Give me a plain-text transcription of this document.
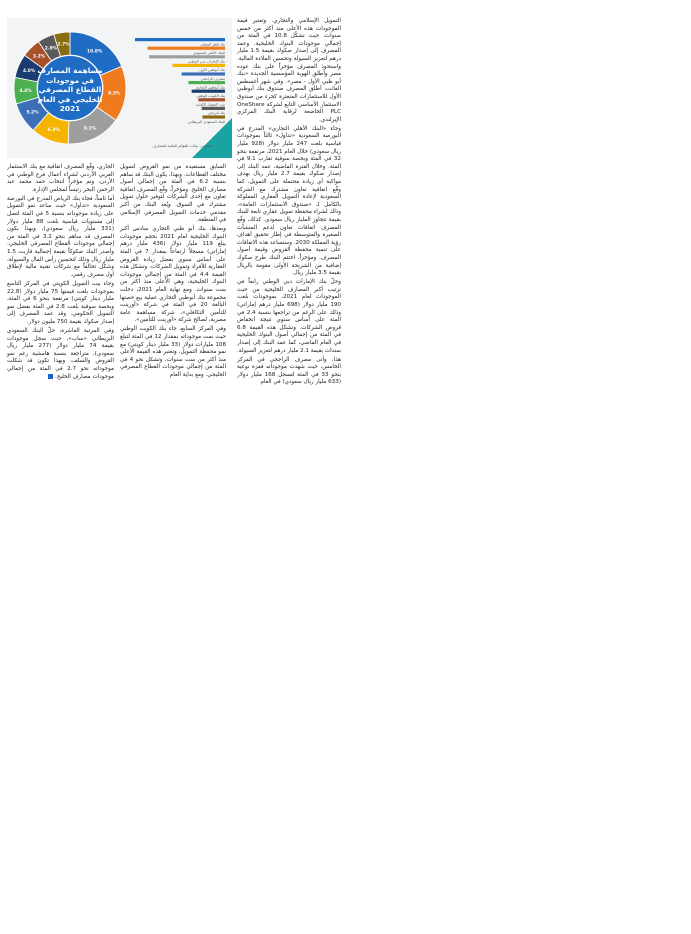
10.8%
9.3%
9.1%
6.3%
5.2%
4.4%
4.0%
3.2%
2.8%
2.7%	بنك قطر الوطني
البنك الأهلي السعودي
بنك الإمارات دبي الوطني
بنك أبوظبي الأول
مصرف الراجحي
بنك أبوظبي التجاري
بنك الكويت الوطني
بيت التمويل الكويتي
بنك الرياض
البنك السعودي البريطاني
المصدر: بيانات القوائم المالية للمصارف
مساهمة المصارف في موجودات القطاع المصرفي الخليجي في العام 2021

التمويل الإسلامي والتجاري. وتعتبر قيمة الموجودات هذه الأعلى منذ أكثر من خمس سنوات، حيث تشكّل 10.8 في المئة من إجمالي موجودات البنوك الخليجية. وعمد المصرف إلى إصدار صكوك بقيمة 1.5 مليار درهم لتعزيز السيولة وتحسين الملاءة المالية. واستحوذ المصرف مؤخراً على بنك عوده مصر وأطلق الهوية المؤسسية الجديدة «بنك أبو ظبي الأول - مصر». وفي شهر أغسطس الفائت، أطلق المصرف صندوق بنك أبوظبي الأول للاستثمارات المتعثرة كجزء من صندوق الاستثمار الأساسي التابع لشركة OneShare PLC الخاضعة لرقابة البنك المركزي الإيرلندي.

وجاء «البنك الأهلي التجاري» المدرج في البورصة السعودية «تداول» ثالثاً بموجودات قياسية بلغت 247 مليار دولار (928 مليار ريال سعودي) خلال العام 2021، مرتفعة بنحو 32 في المئة وبحصة سوقية تقارب 9.1 في المئة. وخلال الفترة الماضية، عمد البنك إلى إصدار صكوك بقيمة 2.7 مليار ريال بهدف مواكبة أي زيادة محتملة على التمويل، كما وقّع اتفاقية تعاون مشترك مع الشركة السعودية لإعادة التمويل العقاري المملوكة بالكامل لـ «صندوق الاستثمارات العامة»، وذلك لشراء محفظة تمويل عقاري تابعة للبنك بقيمة تتجاوز المليار ريال سعودي. كذلك، وقّع المصرف اتفاقات تعاون لدعم المنشآت الصغيرة والمتوسطة في إطار تحقيق أهداف رؤية المملكة 2030. وستساعد هذه الاتفاقات على تنمية محفظة القروض وقيمة أصول المصرف. ومؤخراً، اختتم البنك طرح صكوك إضافية من الشريحة الأولى مقومة بالريال بقيمة 3.5 مليار ريال.

وحلّ بنك الإمارات دبي الوطني رابعاً في ترتيب أكبر المصارف الخليجية من حيث الموجودات لعام 2021، بموجودات بلغت 190 مليار دولار (698 مليار درهم إماراتي) وذلك على الرغم من تراجعها بنسبة 2.4 في المئة على أساس سنوي نتيجة انخفاض قروض الشركات. وتشكل هذه القيمة 6.8 في المئة من إجمالي أصول البنوك الخليجية في العام الماضي، كما عمد البنك إلى إصدار سندات بقيمة 2.1 مليار درهم لتعزيز السيولة.

هذا، وأتى مصرف الراجحي في المركز الخامس، حيث شهدت موجوداته قفزة نوعية بنحو 33 في المئة لتسجل 168 مليار دولار (633 مليار ريال سعودي) في العام

السابق مستفيدة من نمو القروض لتمويل مختلف القطاعات. وبهذا، يكون البنك قد ساهم بنسبة 6.2 في المئة من إجمالي أصول مصارف الخليج. ومؤخراً، وقّع المصرف اتفاقية تعاون مع إحدى الشركات لتوفير حلول تمويل مشترك في السوق. ويُعد البنك من أكبر مقدمي خدمات التمويل المصرفي الإسلامي في المنطقة.

وبعدها، بنك أبو ظبي التجاري سادس أكبر البنوك الخليجية لعام 2021 بحجم موجودات يبلغ 119 مليار دولار (436 مليار درهم إماراتي) مسجلاً ارتفاعاً بمقدار 7 في المئة على أساس سنوي بفضل زيادة القروض العقارية للأفراد وتمويل الشركات. وتشكل هذه القيمة 4.4 في المئة من إجمالي موجودات البنوك الخليجية، وهي الأعلى منذ أكثر من ست سنوات. ومع نهاية العام 2021، دخلت مجموعة بنك أبوظبي التجاري عملية بيع حصتها البالغة 20 في المئة في شركة «أورينت للتأمين التكافلي»، شركة مساهمة عامة مصرية، لصالح شركة «أورينت للتأمين».

وفي المركز السابع، جاء بنك الكويت الوطني حيث نمت موجوداته بمقدار 12 في المئة لتبلغ 108 مليارات دولار (33 مليار دينار كويتي) مع نمو محفظة التمويل، وتعتبر هذه القيمة الأعلى منذ أكثر من ست سنوات، وتشكل نحو 4 في المئة من إجمالي موجودات القطاع المصرفي الخليجي. ومع بداية العام

الجاري، وقّع المصرف اتفاقية مع بنك الاستثمار العربي الأردني لشراء أعمال فرع الوطني في الأردن، وتم مؤخراً انتخاب حمد محمد عبد الرحمن البحر رئيساً لمجلس الإدارة.

أما ثامناً، فجاء بنك الرياض المدرج في البورصة السعودية «تداول» حيث ساعد نمو التمويل على زيادة موجوداته بنسبة 5 في المئة لتصل إلى مستويات قياسية بلغت 88 مليار دولار (331 مليار ريال سعودي)، وبهذا يكون المصرف قد ساهم بنحو 3.2 في المئة من إجمالي موجودات القطاع المصرفي الخليجي. وأصدر البنك صكوكاً بقيمة إجمالية قاربت 1.5 مليار ريال وذلك لتحسين رأس المال والسيولة، وشكّل تحالفاً مع شركات تقنية مالية لإطلاق أول مصرف رقمي.

وجاء بيت التمويل الكويتي في المركز التاسع بموجودات بلغت قيمتها 75 مليار دولار (22.8 مليار دينار كويتي) مرتفعة بنحو 6 في المئة، وبحصة سوقية بلغت 2.8 في المئة بفضل نمو التمويل الحكومي. وقد عمد المصرف إلى إصدار صكوك بقيمة 750 مليون دولار.

وفي المرتبة العاشرة، حلّ البنك السعودي البريطاني «ساب»، حيث سجل موجودات بقيمة 74 مليار دولار (277 مليار ريال سعودي)، متراجعة بنسبة هامشية رغم نمو القروض والسلف، وبهذا تكون قد شكلت موجوداته نحو 2.7 في المئة من إجمالي موجودات مصارف الخليج.
